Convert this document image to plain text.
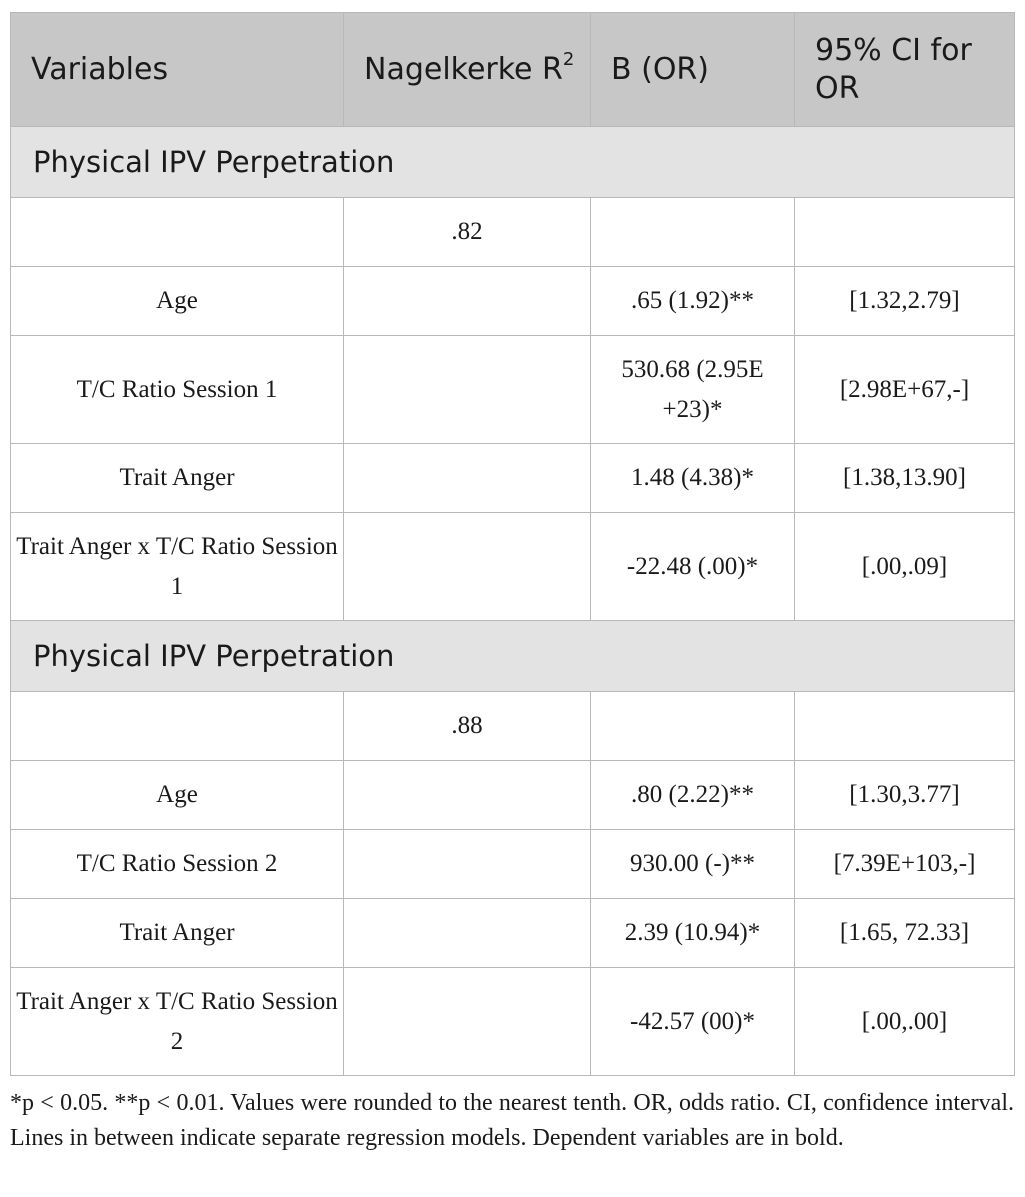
Variables	Nagelkerke $R^2$	B (OR)	95% CI for OR
Physical IPV Perpetration			
	.82		
Age		.65 (1.92)**	[1.32,2.79]
T/C Ratio Session 1		530.68 (2.95E +23)*	[2.98E+67,-]
Trait Anger		1.48 (4.38)*	[1.38,13.90]
Trait Anger x T/C Ratio Session 1		-22.48 (.00)*	[.00,.09]
Physical IPV Perpetration			
	.88		
Age		.80 (2.22)**	[1.30,3.77]
T/C Ratio Session 2		930.00 (-)**	[7.39E+103,-]
Trait Anger		2.39 (10.94)*	[1.65, 72.33]
Trait Anger x T/C Ratio Session 2		-42.57 (00)*	[.00,.00]
*p < 0.05. **p < 0.01. Values were rounded to the nearest tenth. OR, odds ratio. CI, confidence interval. Lines in between indicate separate regression models. Dependent variables are in bold.
